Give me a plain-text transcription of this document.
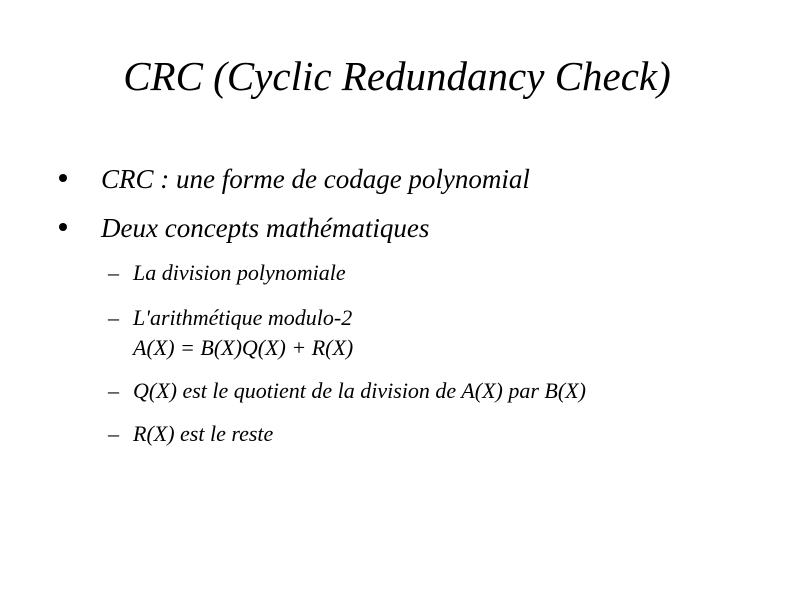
CRC (Cyclic Redundancy Check)
CRC : une forme de codage polynomial
Deux concepts mathématiques
– La division polynomiale
– L'arithmétique modulo-2
A(X) = B(X)Q(X) + R(X)
– Q(X) est le quotient de la division de A(X) par B(X)
– R(X) est le reste
